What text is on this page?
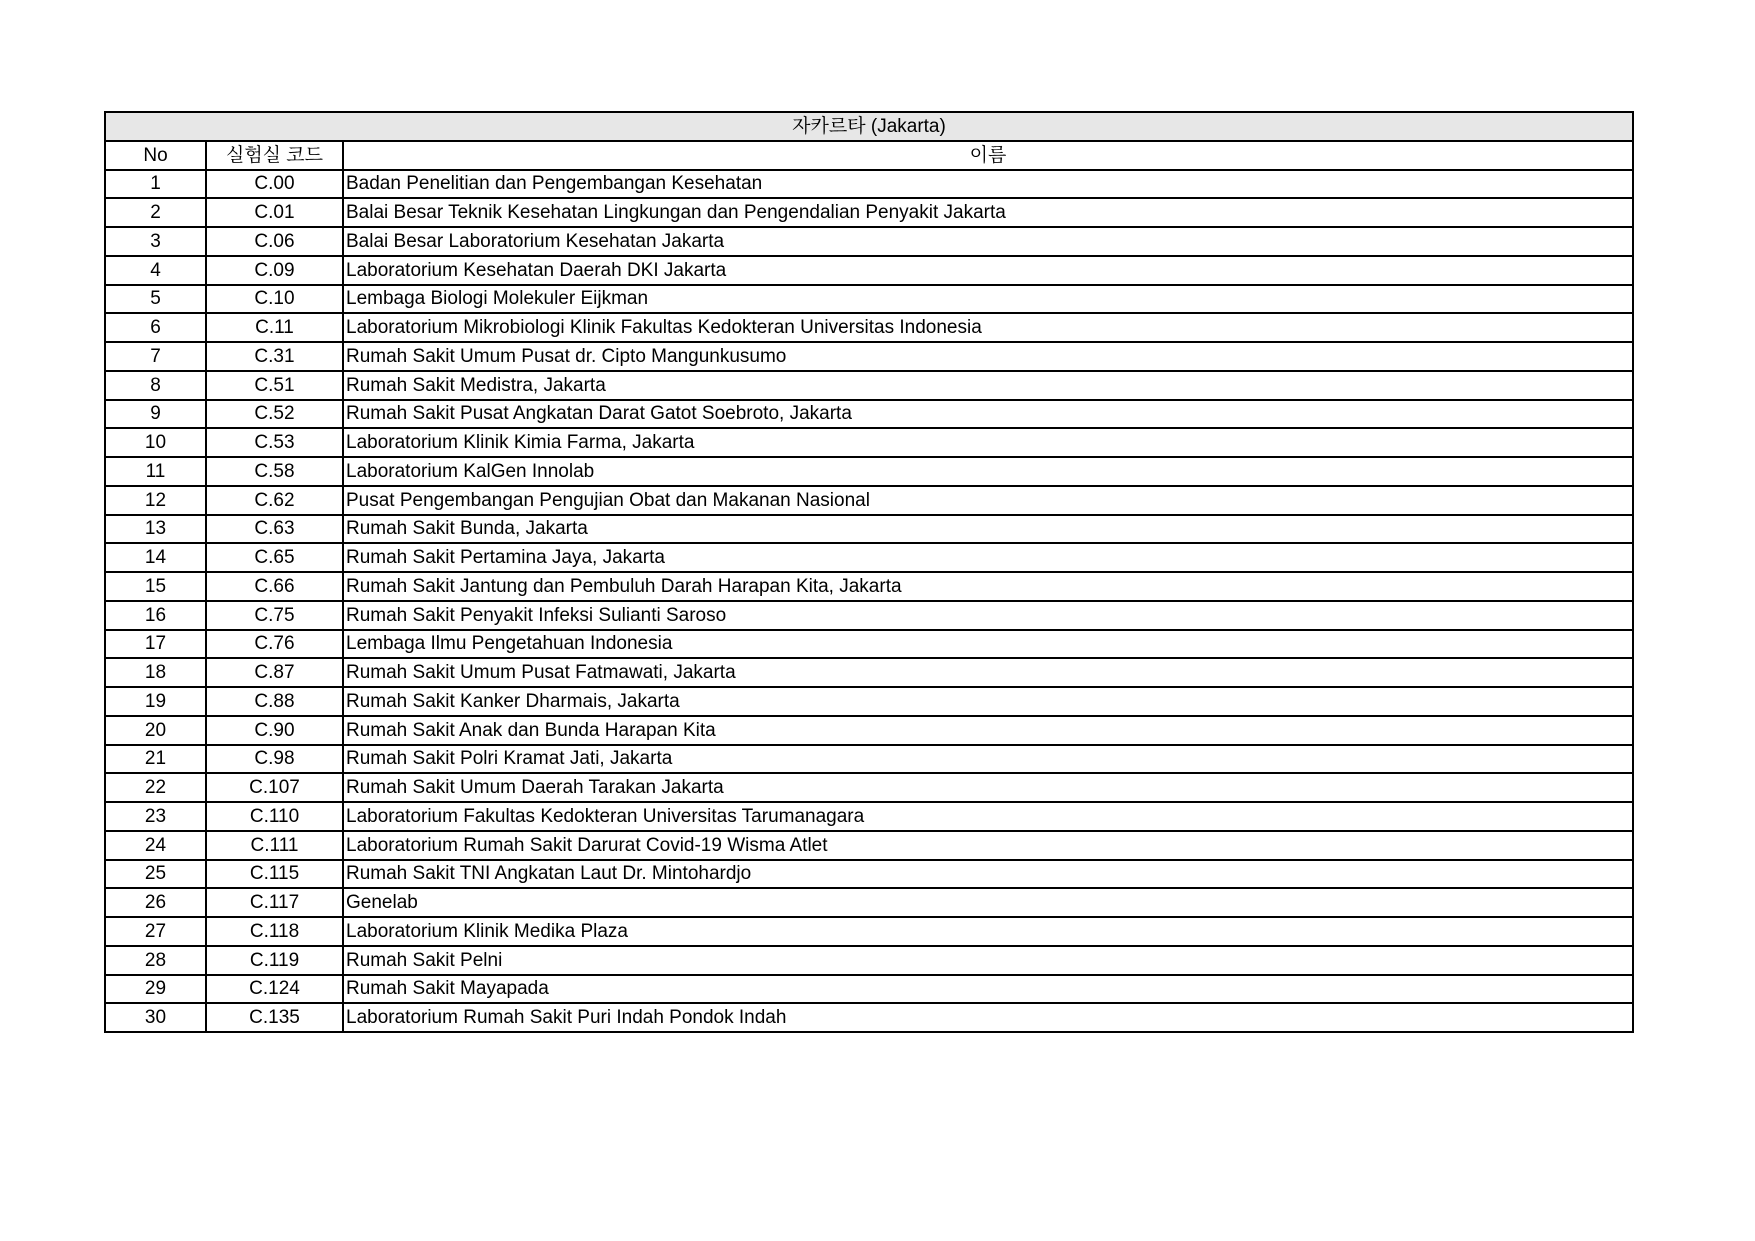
자카르타 (Jakarta)		
No	실험실 코드	이름
1	C.00	Badan Penelitian dan Pengembangan Kesehatan
2	C.01	Balai Besar Teknik Kesehatan Lingkungan dan Pengendalian Penyakit Jakarta
3	C.06	Balai Besar Laboratorium Kesehatan Jakarta
4	C.09	Laboratorium Kesehatan Daerah DKI Jakarta
5	C.10	Lembaga Biologi Molekuler Eijkman
6	C.11	Laboratorium Mikrobiologi Klinik Fakultas Kedokteran Universitas Indonesia
7	C.31	Rumah Sakit Umum Pusat dr. Cipto Mangunkusumo
8	C.51	Rumah Sakit Medistra, Jakarta
9	C.52	Rumah Sakit Pusat Angkatan Darat Gatot Soebroto, Jakarta
10	C.53	Laboratorium Klinik Kimia Farma, Jakarta
11	C.58	Laboratorium KalGen Innolab
12	C.62	Pusat Pengembangan Pengujian Obat dan Makanan Nasional
13	C.63	Rumah Sakit Bunda, Jakarta
14	C.65	Rumah Sakit Pertamina Jaya, Jakarta
15	C.66	Rumah Sakit Jantung dan Pembuluh Darah Harapan Kita, Jakarta
16	C.75	Rumah Sakit Penyakit Infeksi Sulianti Saroso
17	C.76	Lembaga Ilmu Pengetahuan Indonesia
18	C.87	Rumah Sakit Umum Pusat Fatmawati, Jakarta
19	C.88	Rumah Sakit Kanker Dharmais, Jakarta
20	C.90	Rumah Sakit Anak dan Bunda Harapan Kita
21	C.98	Rumah Sakit Polri Kramat Jati, Jakarta
22	C.107	Rumah Sakit Umum Daerah Tarakan Jakarta
23	C.110	Laboratorium Fakultas Kedokteran Universitas Tarumanagara
24	C.111	Laboratorium Rumah Sakit Darurat Covid-19 Wisma Atlet
25	C.115	Rumah Sakit TNI Angkatan Laut Dr. Mintohardjo
26	C.117	Genelab
27	C.118	Laboratorium Klinik Medika Plaza
28	C.119	Rumah Sakit Pelni
29	C.124	Rumah Sakit Mayapada
30	C.135	Laboratorium Rumah Sakit Puri Indah Pondok Indah
